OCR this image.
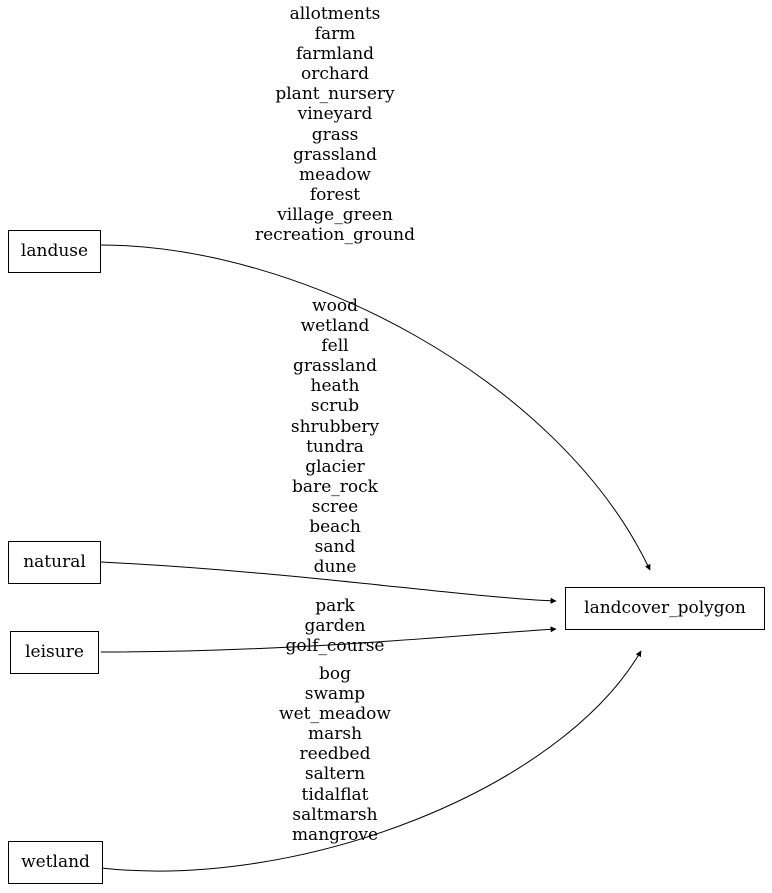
landuse
natural
leisure
wetland
landcover_polygon
allotments
farm
farmland
orchard
plant_nursery
vineyard
grass
grassland
meadow
forest
village_green
recreation_ground
wood
wetland
fell
grassland
heath
scrub
shrubbery
tundra
glacier
bare_rock
scree
beach
sand
dune
park
garden
golf_course
bog
swamp
wet_meadow
marsh
reedbed
saltern
tidalflat
saltmarsh
mangrove
